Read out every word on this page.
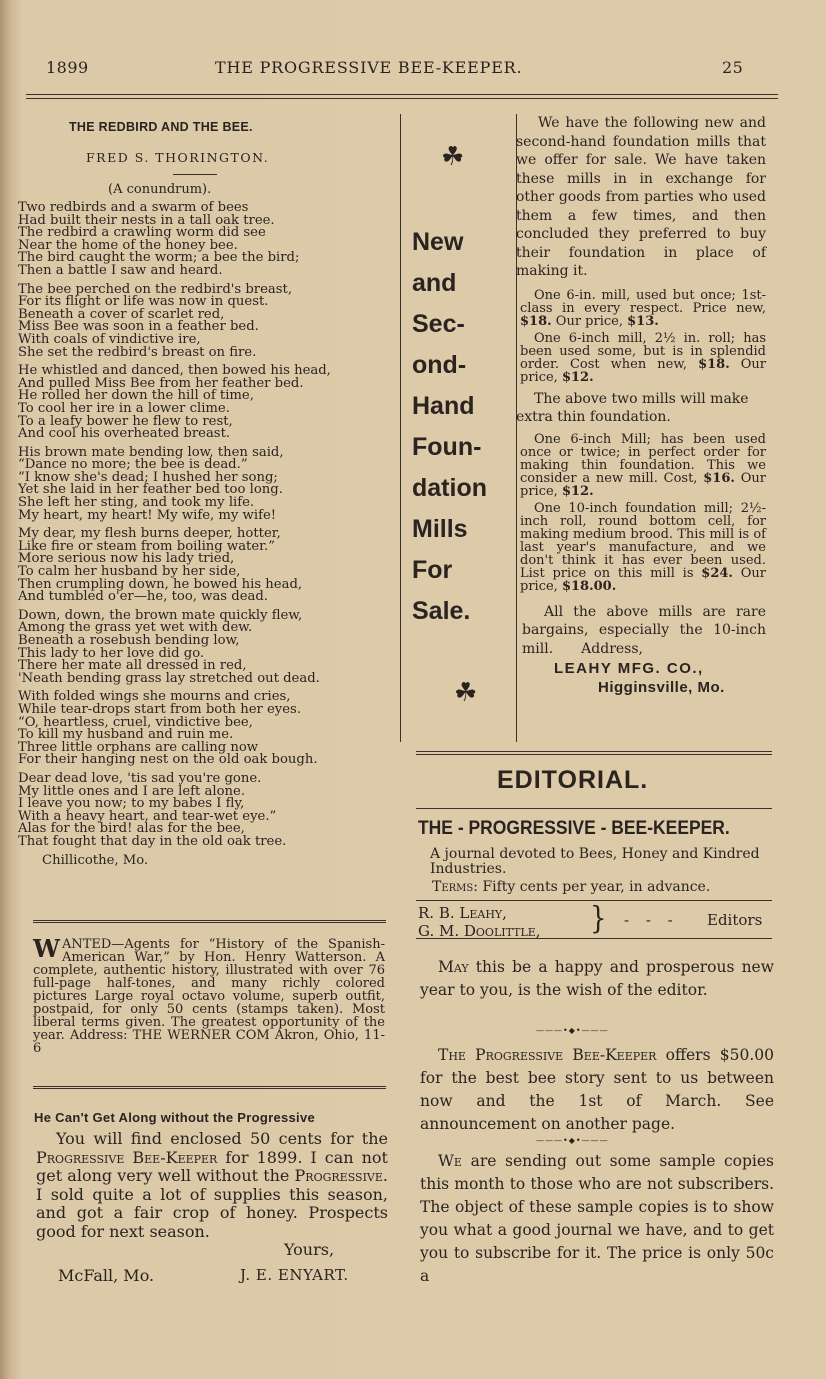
1899	THE PROGRESSIVE BEE-KEEPER.	25
THE REDBIRD AND THE BEE.
FRED S. THORINGTON.
(A conundrum).
Two redbirds and a swarm of bees
Had built their nests in a tall oak tree.
The redbird a crawling worm did see
Near the home of the honey bee.
The bird caught the worm; a bee the bird;
Then a battle I saw and heard.
The bee perched on the redbird's breast,
For its flight or life was now in quest.
Beneath a cover of scarlet red,
Miss Bee was soon in a feather bed.
With coals of vindictive ire,
She set the redbird's breast on fire.
He whistled and danced, then bowed his head,
And pulled Miss Bee from her feather bed.
He rolled her down the hill of time,
To cool her ire in a lower clime.
To a leafy bower he flew to rest,
And cool his overheated breast.
His brown mate bending low, then said,
“Dance no more; the bee is dead.”
“I know she's dead; I hushed her song;
Yet she laid in her feather bed too long.
She left her sting, and took my life.
My heart, my heart! My wife, my wife!
My dear, my flesh burns deeper, hotter,
Like fire or steam from boiling water.”
More serious now his lady tried,
To calm her husband by her side,
Then crumpling down, he bowed his head,
And tumbled o'er—he, too, was dead.
Down, down, the brown mate quickly flew,
Among the grass yet wet with dew.
Beneath a rosebush bending low,
This lady to her love did go.
There her mate all dressed in red,
'Neath bending grass lay stretched out dead.
With folded wings she mourns and cries,
While tear-drops start from both her eyes.
“O, heartless, cruel, vindictive bee,
To kill my husband and ruin me.
Three little orphans are calling now
For their hanging nest on the old oak bough.
Dear dead love, 'tis sad you're gone.
My little ones and I are left alone.
I leave you now; to my babes I fly,
With a heavy heart, and tear-wet eye.”
Alas for the bird! alas for the bee,
That fought that day in the old oak tree.
Chillicothe, Mo.
WANTED—Agents for “History of the Spanish-American War,” by Hon. Henry Watterson. A complete, authentic history, illustrated with over 76 full-page half-tones, and many richly colored pictures Large royal octavo volume, superb outfit, postpaid, for only 50 cents (stamps taken). Most liberal terms given. The greatest opportunity of the year. Address: THE WERNER COM Akron, Ohio, 11-6
He Can't Get Along without the Progressive
You will find enclosed 50 cents for the Progressive Bee-Keeper for 1899. I can not get along very well without the Progressive. I sold quite a lot of supplies this season, and got a fair crop of honey. Prospects good for next season.
Yours,
McFall, Mo.	J. E. ENYART.
☘
New
and
Sec-
ond-
Hand
Foun-
dation
Mills
For
Sale.
☘

We have the following new and second-hand foundation mills that we offer for sale. We have taken these mills in in exchange for other goods from parties who used them a few times, and then concluded they preferred to buy their foundation in place of making it.

One 6-in. mill, used but once; 1st-class in every respect. Price new, $18. Our price, $13.

One 6-inch mill, 2½ in. roll; has been used some, but is in splendid order. Cost when new, $18. Our price, $12.

The above two mills will make extra thin foundation.

One 6-inch Mill; has been used once or twice; in perfect order for making thin foundation. This we consider a new mill. Cost, $16. Our price, $12.

One 10-inch foundation mill; 2½-inch roll, round bottom cell, for making medium brood. This mill is of last year's manufacture, and we don't think it has ever been used. List price on this mill is $24. Our price, $18.00.

All the above mills are rare bargains, especially the 10-inch mill. Address,

LEAHY MFG. CO.,

Higginsville, Mo.

EDITORIAL.
THE - PROGRESSIVE - BEE-KEEPER.
A journal devoted to Bees, Honey and Kindred Industries.
Terms: Fifty cents per year, in advance.
R. B. Leahy,
G. M. Doolittle, } - - - Editors
May this be a happy and prosperous new year to you, is the wish of the editor.
———•◆•———
The Progressive Bee-Keeper offers $50.00 for the best bee story sent to us between now and the 1st of March. See announcement on another page.
———•◆•———
We are sending out some sample copies this month to those who are not subscribers. The object of these sample copies is to show you what a good journal we have, and to get you to subscribe for it. The price is only 50c a
